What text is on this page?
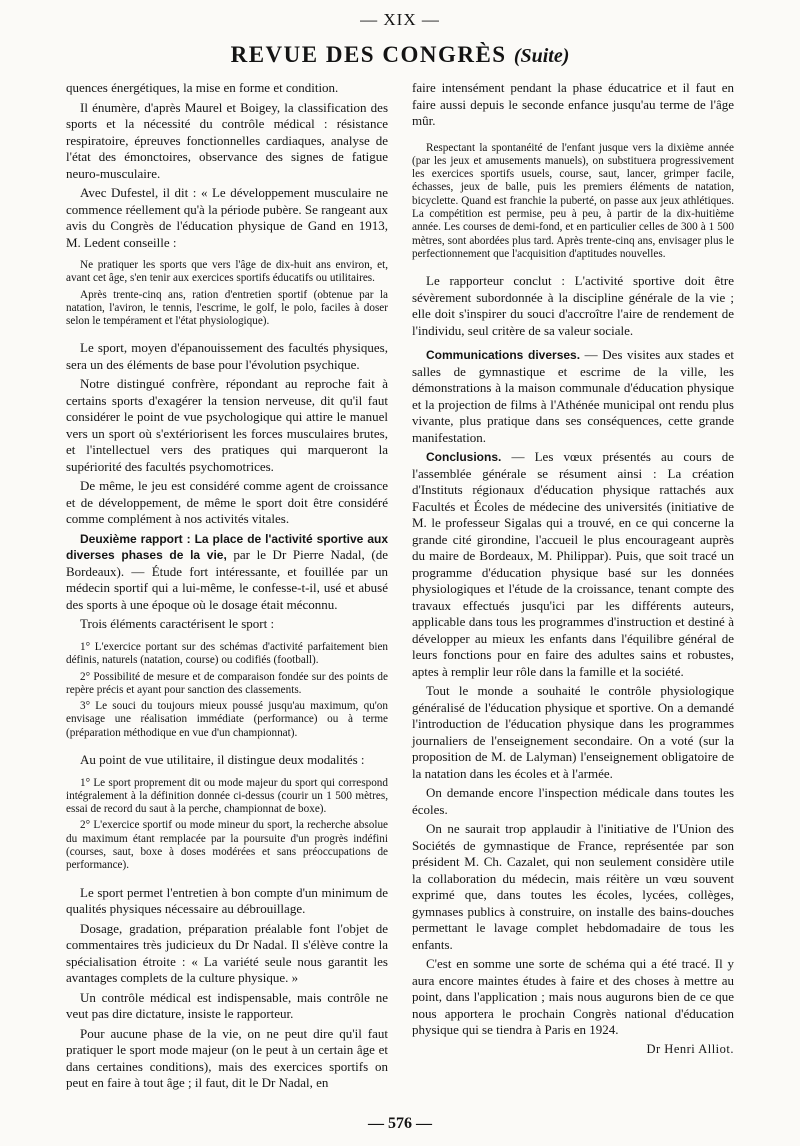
— XIX —
REVUE DES CONGRÈS (Suite)
quences énergétiques, la mise en forme et condition.
Il énumère, d'après Maurel et Boigey, la classification des sports et la nécessité du contrôle médical : résistance respiratoire, épreuves fonctionnelles cardiaques, analyse de l'état des émonctoires, observance des signes de fatigue neuro-musculaire.
Avec Dufestel, il dit : « Le développement musculaire ne commence réellement qu'à la période pubère. Se rangeant aux avis du Congrès de l'éducation physique de Gand en 1913, M. Ledent conseille :
Ne pratiquer les sports que vers l'âge de dix-huit ans environ, et, avant cet âge, s'en tenir aux exercices sportifs éducatifs ou utilitaires.
Après trente-cinq ans, ration d'entretien sportif (obtenue par la natation, l'aviron, le tennis, l'escrime, le golf, le polo, faciles à doser selon le tempérament et l'état physiologique).
Le sport, moyen d'épanouissement des facultés physiques, sera un des éléments de base pour l'évolution psychique.
Notre distingué confrère, répondant au reproche fait à certains sports d'exagérer la tension nerveuse, dit qu'il faut considérer le point de vue psychologique qui attire le manuel vers un sport où s'extériorisent les forces musculaires brutes, et l'intellectuel vers des pratiques qui marqueront la supériorité des facultés psychomotrices.
De même, le jeu est considéré comme agent de croissance et de développement, de même le sport doit être considéré comme complément à nos activités vitales.
Deuxième rapport : La place de l'activité sportive aux diverses phases de la vie, par le Dr Pierre Nadal, (de Bordeaux). — Étude fort intéressante, et fouillée par un médecin sportif qui a lui-même, le confesse-t-il, usé et abusé des sports à une époque où le dosage était méconnu.
Trois éléments caractérisent le sport :
1° L'exercice portant sur des schémas d'activité parfaitement bien définis, naturels (natation, course) ou codifiés (football).
2° Possibilité de mesure et de comparaison fondée sur des points de repère précis et ayant pour sanction des classements.
3° Le souci du toujours mieux poussé jusqu'au maximum, qu'on envisage une réalisation immédiate (performance) ou à terme (préparation méthodique en vue d'un championnat).
Au point de vue utilitaire, il distingue deux modalités :
1° Le sport proprement dit ou mode majeur du sport qui correspond intégralement à la définition donnée ci-dessus (courir un 1 500 mètres, essai de record du saut à la perche, championnat de boxe).
2° L'exercice sportif ou mode mineur du sport, la recherche absolue du maximum étant remplacée par la poursuite d'un progrès indéfini (courses, saut, boxe à doses modérées et sans préoccupations de performance).
Le sport permet l'entretien à bon compte d'un minimum de qualités physiques nécessaire au débrouillage.
Dosage, gradation, préparation préalable font l'objet de commentaires très judicieux du Dr Nadal. Il s'élève contre la spécialisation étroite : « La variété seule nous garantit les avantages complets de la culture physique. »
Un contrôle médical est indispensable, mais contrôle ne veut pas dire dictature, insiste le rapporteur.
Pour aucune phase de la vie, on ne peut dire qu'il faut pratiquer le sport mode majeur (on le peut à un certain âge et dans certaines conditions), mais des exercices sportifs on peut en faire à tout âge ; il faut, dit le Dr Nadal, en
faire intensément pendant la phase éducatrice et il faut en faire aussi depuis le seconde enfance jusqu'au terme de l'âge mûr.
Respectant la spontanéité de l'enfant jusque vers la dixième année (par les jeux et amusements manuels), on substituera progressivement les exercices sportifs usuels, course, saut, lancer, grimper facile, échasses, jeux de balle, puis les premiers éléments de natation, bicyclette. Quand est franchie la puberté, on passe aux jeux athlétiques. La compétition est permise, peu à peu, à partir de la dix-huitième année. Les courses de demi-fond, et en particulier celles de 300 à 1 500 mètres, sont abordées plus tard. Après trente-cinq ans, envisager plus le perfectionnement que l'acquisition d'aptitudes nouvelles.
Le rapporteur conclut : L'activité sportive doit être sévèrement subordonnée à la discipline générale de la vie ; elle doit s'inspirer du souci d'accroître l'aire de rendement de l'individu, seul critère de sa valeur sociale.
Communications diverses. — Des visites aux stades et salles de gymnastique et escrime de la ville, les démonstrations à la maison communale d'éducation physique et la projection de films à l'Athénée municipal ont rendu plus vivante, plus pratique dans ses conséquences, cette grande manifestation.
Conclusions. — Les vœux présentés au cours de l'assemblée générale se résument ainsi : La création d'Instituts régionaux d'éducation physique rattachés aux Facultés et Écoles de médecine des universités (initiative de M. le professeur Sigalas qui a trouvé, en ce qui concerne la grande cité girondine, l'accueil le plus encourageant auprès du maire de Bordeaux, M. Philippar). Puis, que soit tracé un programme d'éducation physique basé sur les données physiologiques et l'étude de la croissance, tenant compte des travaux effectués jusqu'ici par les différents auteurs, applicable dans tous les programmes d'instruction et destiné à développer au mieux les enfants dans l'équilibre général de leurs fonctions pour en faire des adultes sains et robustes, aptes à remplir leur rôle dans la famille et la société.
Tout le monde a souhaité le contrôle physiologique généralisé de l'éducation physique et sportive. On a demandé l'introduction de l'éducation physique dans les programmes journaliers de l'enseignement secondaire. On a voté (sur la proposition de M. de Lalyman) l'enseignement obligatoire de la natation dans les écoles et à l'armée.
On demande encore l'inspection médicale dans toutes les écoles.
On ne saurait trop applaudir à l'initiative de l'Union des Sociétés de gymnastique de France, représentée par son président M. Ch. Cazalet, qui non seulement considère utile la collaboration du médecin, mais réitère un vœu souvent exprimé que, dans toutes les écoles, lycées, collèges, gymnases publics à construire, on installe des bains-douches permettant le lavage complet hebdomadaire de tous les enfants.
C'est en somme une sorte de schéma qui a été tracé. Il y aura encore maintes études à faire et des choses à mettre au point, dans l'application ; mais nous augurons bien de ce que nous apportera le prochain Congrès national d'éducation physique qui se tiendra à Paris en 1924.
Dr Henri Alliot.
— 576 —
